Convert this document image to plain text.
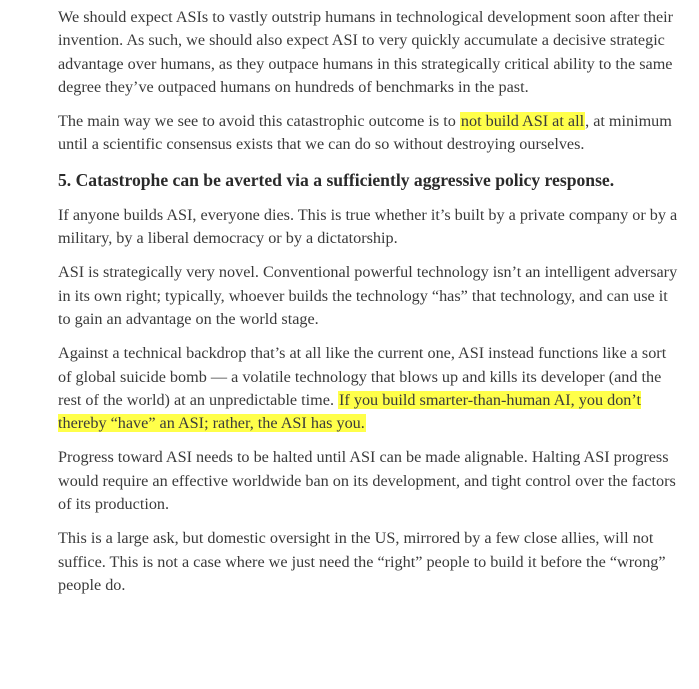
We should expect ASIs to vastly outstrip humans in technological development soon after their invention. As such, we should also expect ASI to very quickly accumulate a decisive strategic advantage over humans, as they outpace humans in this strategically critical ability to the same degree they’ve outpaced humans on hundreds of benchmarks in the past.

The main way we see to avoid this catastrophic outcome is to not build ASI at all, at minimum until a scientific consensus exists that we can do so without destroying ourselves.

5. Catastrophe can be averted via a sufficiently aggressive policy response.

If anyone builds ASI, everyone dies. This is true whether it’s built by a private company or by a military, by a liberal democracy or by a dictatorship.

ASI is strategically very novel. Conventional powerful technology isn’t an intelligent adversary in its own right; typically, whoever builds the technology “has” that technology, and can use it to gain an advantage on the world stage.

Against a technical backdrop that’s at all like the current one, ASI instead functions like a sort of global suicide bomb — a volatile technology that blows up and kills its developer (and the rest of the world) at an unpredictable time. If you build smarter-than-human AI, you don’t thereby “have” an ASI; rather, the ASI has you.

Progress toward ASI needs to be halted until ASI can be made alignable. Halting ASI progress would require an effective worldwide ban on its development, and tight control over the factors of its production.

This is a large ask, but domestic oversight in the US, mirrored by a few close allies, will not suffice. This is not a case where we just need the “right” people to build it before the “wrong” people do.
